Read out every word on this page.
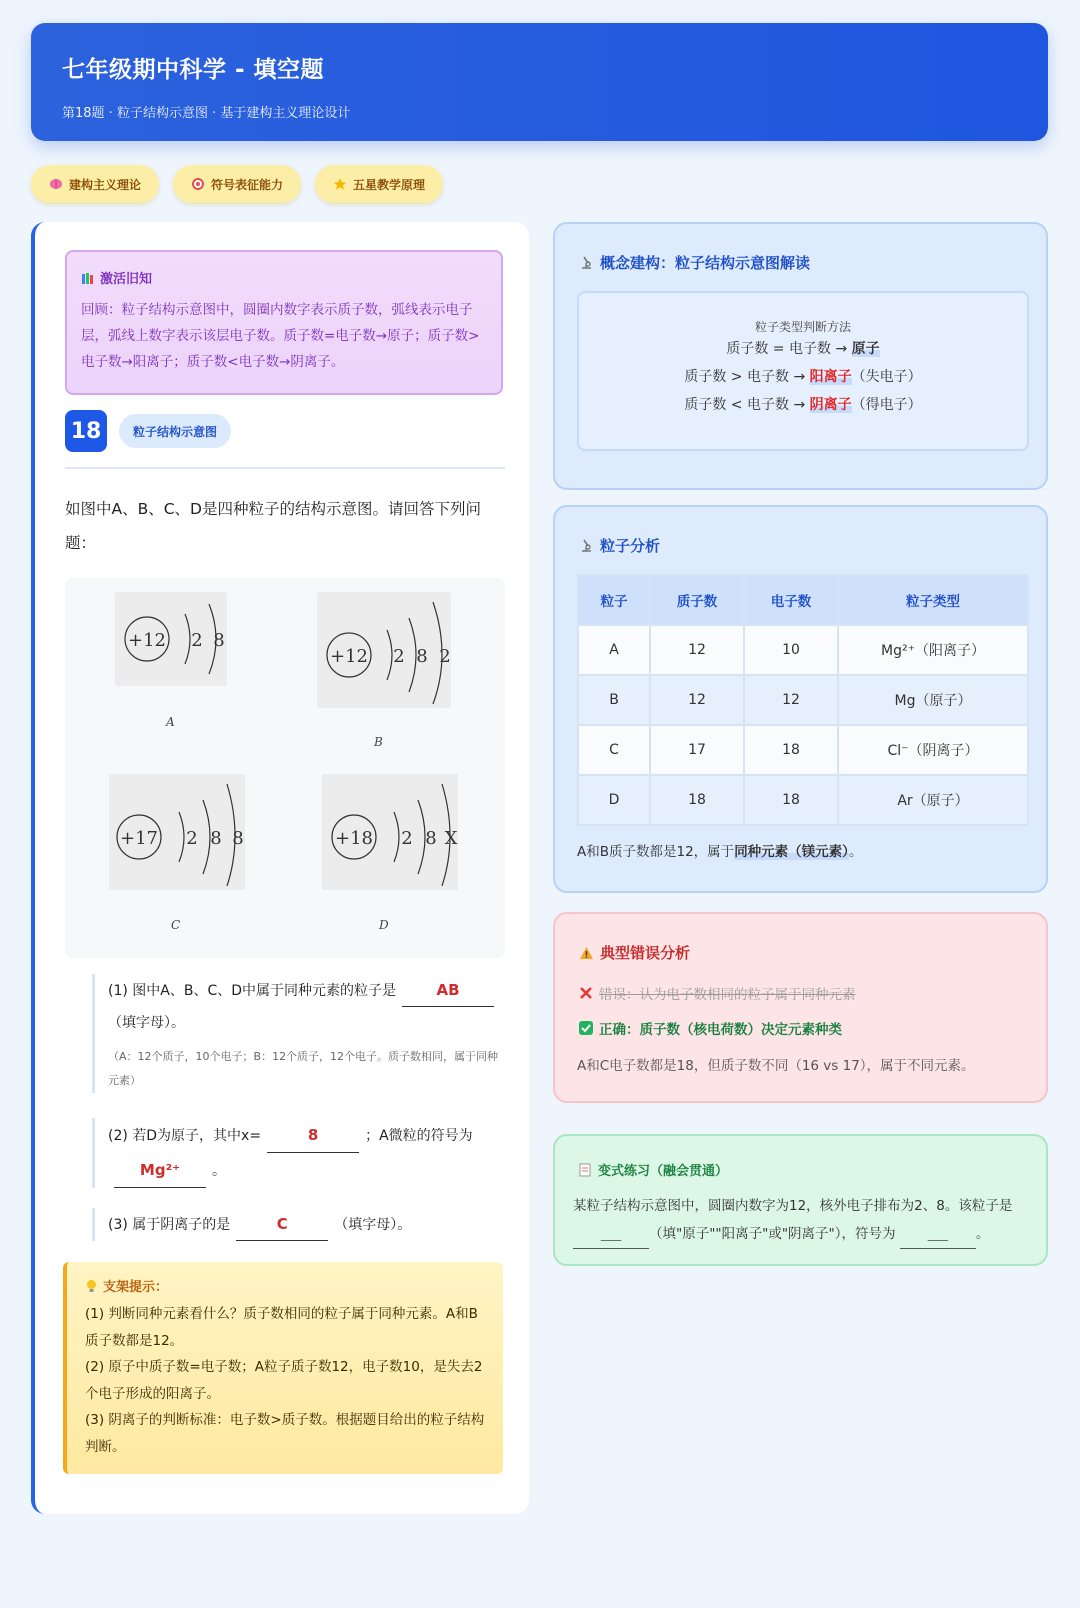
七年级期中科学 - 填空题
第18题 · 粒子结构示意图 · 基于建构主义理论设计
建构主义理论	符号表征能力	五星教学原理
激活旧知
回顾：粒子结构示意图中，圆圈内数字表示质子数，弧线表示电子层，弧线上数字表示该层电子数。质子数=电子数→原子；质子数>电子数→阳离子；质子数<电子数→阴离子。
18	粒子结构示意图
如图中A、B、C、D是四种粒子的结构示意图。请回答下列问题：
+12 2 8
A
+12 2 8 2
B
+17 2 8 8
C
+18 2 8 X
D
(1) 图中A、B、C、D中属于同种元素的粒子是	AB （填字母）。
（A：12个质子，10个电子；B：12个质子，12个电子。质子数相同，属于同种元素）
(2) 若D为原子，其中x=	8	；A微粒的符号为
Mg²⁺ 。
(3) 属于阴离子的是	C	（填字母）。
支架提示：
(1) 判断同种元素看什么？质子数相同的粒子属于同种元素。A和B质子数都是12。
(2) 原子中质子数=电子数；A粒子质子数12，电子数10，是失去2个电子形成的阳离子。
(3) 阴离子的判断标准：电子数>质子数。根据题目给出的粒子结构判断。
概念建构：粒子结构示意图解读
粒子类型判断方法
质子数 = 电子数 → 原子
质子数 > 电子数 → 阳离子（失电子）
质子数 < 电子数 → 阴离子（得电子）
粒子分析
粒子	质子数	电子数	粒子类型
A	12	10	Mg²⁺（阳离子）
B	12	12	Mg（原子）
C	17	18	Cl⁻（阴离子）
D	18	18	Ar（原子）
A和B质子数都是12，属于同种元素（镁元素）。
典型错误分析
错误：认为电子数相同的粒子属于同种元素
正确：质子数（核电荷数）决定元素种类
A和C电子数都是18，但质子数不同（16 vs 17），属于不同元素。
变式练习（融会贯通）
某粒子结构示意图中，圆圈内数字为12，核外电子排布为2、8。该粒子是
___ （填"原子""阳离子"或"阴离子"），符号为 ___ 。
